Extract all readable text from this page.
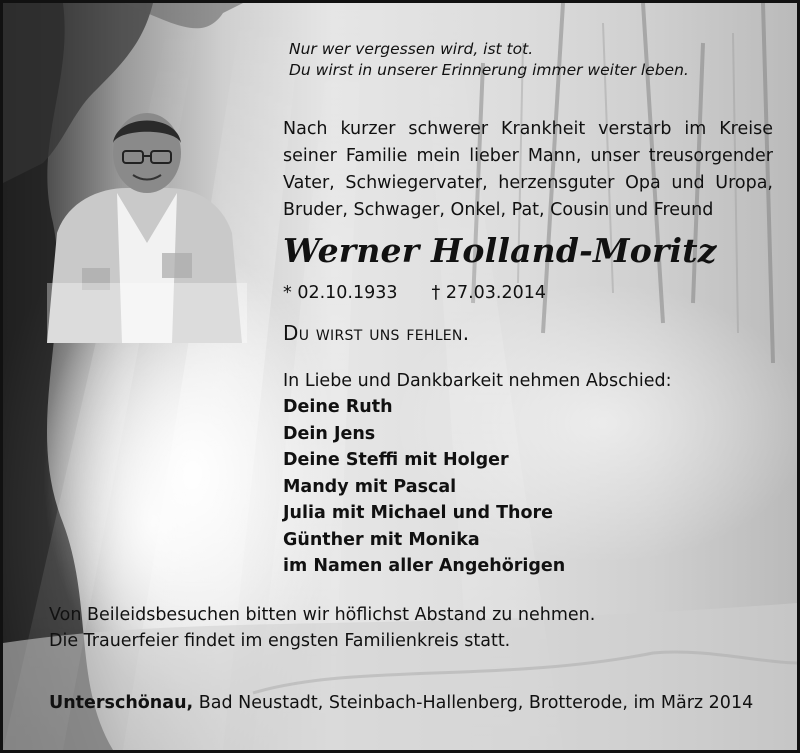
Nur wer vergessen wird, ist tot.
Du wirst in unserer Erinnerung immer weiter leben.
Nach kurzer schwerer Krankheit verstarb im Kreise seiner Familie mein lieber Mann, unser treusorgender Vater, Schwiegervater, herzensguter Opa und Uropa, Bruder, Schwager, Onkel, Pat, Cousin und Freund
Werner Holland-Moritz
* 02.10.1933 † 27.03.2014
Du wirst uns fehlen.
In Liebe und Dankbarkeit nehmen Abschied:
Deine Ruth
Dein Jens
Deine Steffi mit Holger
Mandy mit Pascal
Julia mit Michael und Thore
Günther mit Monika
im Namen aller Angehörigen
Von Beileidsbesuchen bitten wir höflichst Abstand zu nehmen.
Die Trauerfeier findet im engsten Familienkreis statt.
Unterschönau, Bad Neustadt, Steinbach-Hallenberg, Brotterode, im März 2014
